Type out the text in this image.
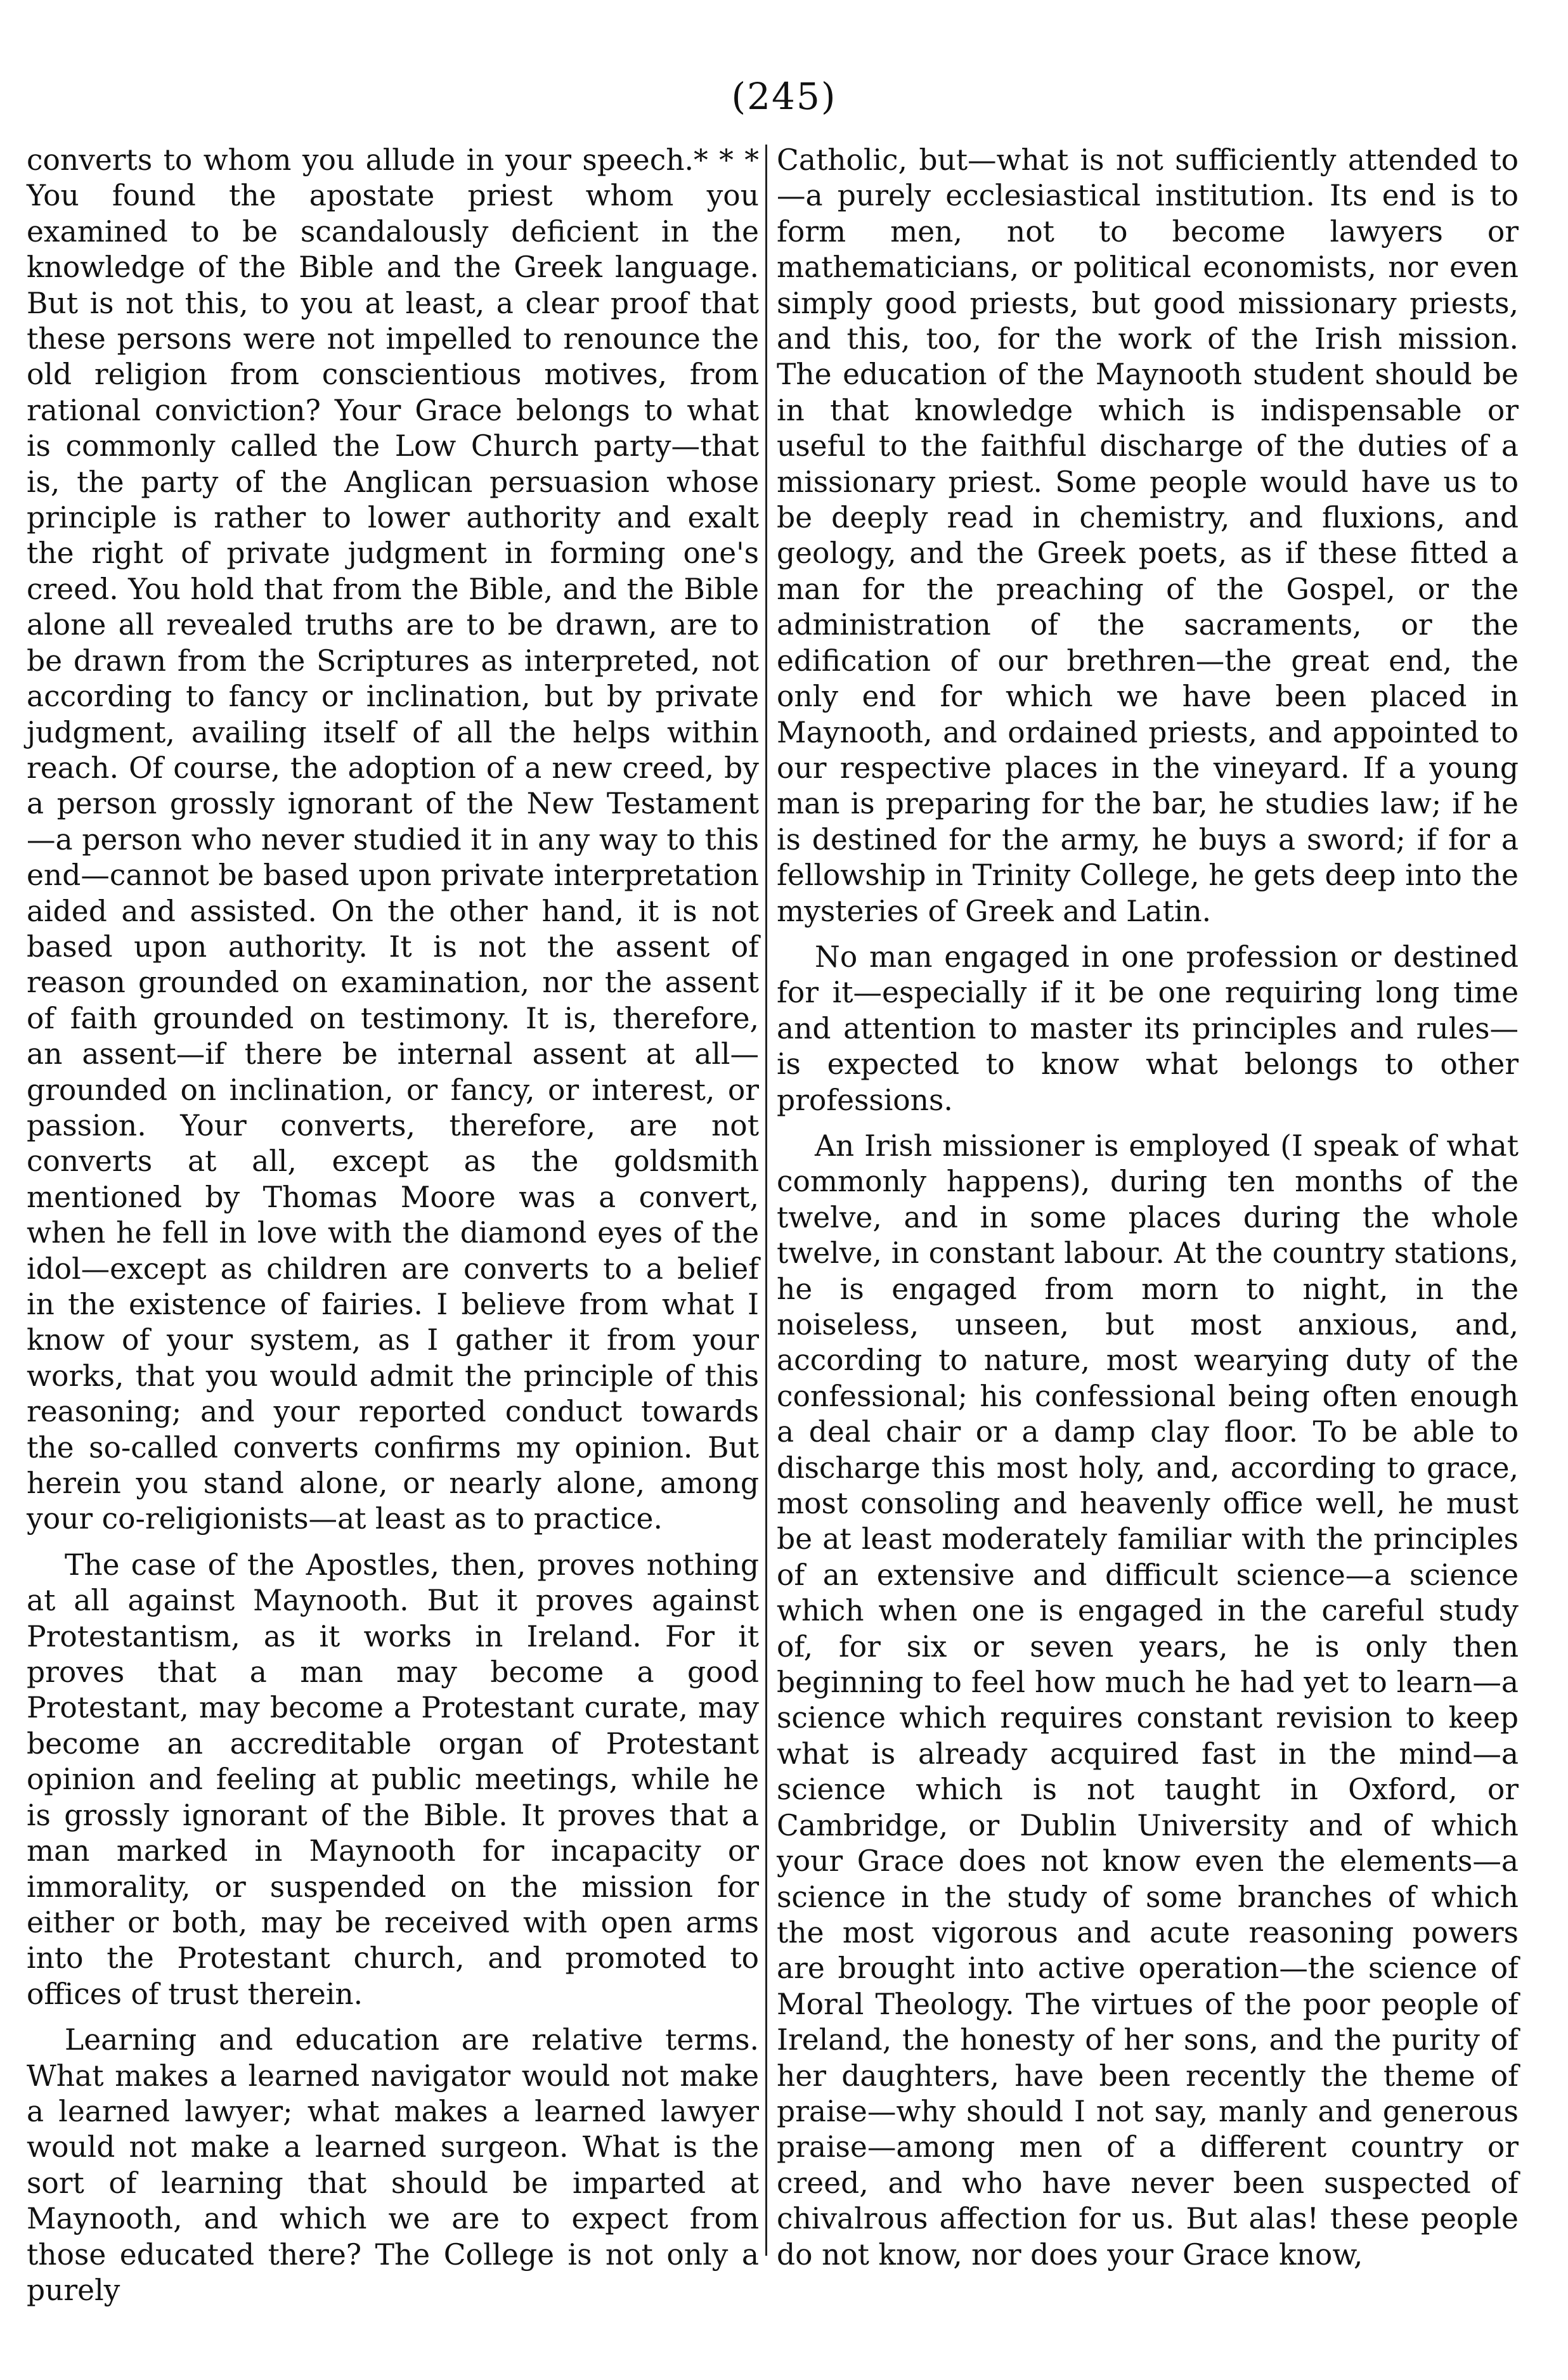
(245)

converts to whom you allude in your speech.* * * You found the apostate priest whom you examined to be scandalously deficient in the knowledge of the Bible and the Greek language. But is not this, to you at least, a clear proof that these persons were not impelled to renounce the old religion from conscientious motives, from rational conviction? Your Grace belongs to what is commonly called the Low Church party—that is, the party of the Anglican persuasion whose principle is rather to lower authority and exalt the right of private judgment in forming one's creed. You hold that from the Bible, and the Bible alone all revealed truths are to be drawn, are to be drawn from the Scriptures as interpreted, not according to fancy or inclination, but by private judgment, availing itself of all the helps within reach. Of course, the adoption of a new creed, by a person grossly ignorant of the New Testament—a person who never studied it in any way to this end—cannot be based upon private interpretation aided and assisted. On the other hand, it is not based upon authority. It is not the assent of reason grounded on examination, nor the assent of faith grounded on testimony. It is, therefore, an assent—if there be internal assent at all—grounded on inclination, or fancy, or interest, or passion. Your converts, therefore, are not converts at all, except as the goldsmith mentioned by Thomas Moore was a convert, when he fell in love with the diamond eyes of the idol—except as children are converts to a belief in the existence of fairies. I believe from what I know of your system, as I gather it from your works, that you would admit the principle of this reasoning; and your reported conduct towards the so-called converts confirms my opinion. But herein you stand alone, or nearly alone, among your co-religionists—at least as to practice.

The case of the Apostles, then, proves nothing at all against Maynooth. But it proves against Protestantism, as it works in Ireland. For it proves that a man may become a good Protestant, may become a Protestant curate, may become an accreditable organ of Protestant opinion and feeling at public meetings, while he is grossly ignorant of the Bible. It proves that a man marked in Maynooth for incapacity or immorality, or suspended on the mission for either or both, may be received with open arms into the Protestant church, and promoted to offices of trust therein.

Learning and education are relative terms. What makes a learned navigator would not make a learned lawyer; what makes a learned lawyer would not make a learned surgeon. What is the sort of learning that should be imparted at Maynooth, and which we are to expect from those educated there? The College is not only a purely

Catholic, but—what is not sufficiently attended to—a purely ecclesiastical institution. Its end is to form men, not to become lawyers or mathematicians, or political economists, nor even simply good priests, but good missionary priests, and this, too, for the work of the Irish mission. The education of the Maynooth student should be in that knowledge which is indispensable or useful to the faithful discharge of the duties of a missionary priest. Some people would have us to be deeply read in chemistry, and fluxions, and geology, and the Greek poets, as if these fitted a man for the preaching of the Gospel, or the administration of the sacraments, or the edification of our brethren—the great end, the only end for which we have been placed in Maynooth, and ordained priests, and appointed to our respective places in the vineyard. If a young man is preparing for the bar, he studies law; if he is destined for the army, he buys a sword; if for a fellowship in Trinity College, he gets deep into the mysteries of Greek and Latin.

No man engaged in one profession or destined for it—especially if it be one requiring long time and attention to master its principles and rules—is expected to know what belongs to other professions.

An Irish missioner is employed (I speak of what commonly happens), during ten months of the twelve, and in some places during the whole twelve, in constant labour. At the country stations, he is engaged from morn to night, in the noiseless, unseen, but most anxious, and, according to nature, most wearying duty of the confessional; his confessional being often enough a deal chair or a damp clay floor. To be able to discharge this most holy, and, according to grace, most consoling and heavenly office well, he must be at least moderately familiar with the principles of an extensive and difficult science—a science which when one is engaged in the careful study of, for six or seven years, he is only then beginning to feel how much he had yet to learn—a science which requires constant revision to keep what is already acquired fast in the mind—a science which is not taught in Oxford, or Cambridge, or Dublin University and of which your Grace does not know even the elements—a science in the study of some branches of which the most vigorous and acute reasoning powers are brought into active operation—the science of Moral Theology. The virtues of the poor people of Ireland, the honesty of her sons, and the purity of her daughters, have been recently the theme of praise—why should I not say, manly and generous praise—among men of a different country or creed, and who have never been suspected of chivalrous affection for us. But alas! these people do not know, nor does your Grace know,
